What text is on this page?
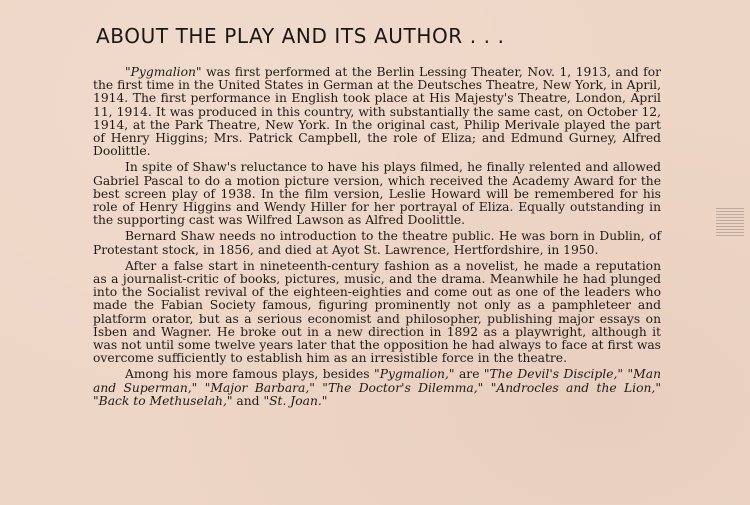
ABOUT THE PLAY AND ITS AUTHOR . . .

"Pygmalion" was first performed at the Berlin Lessing Theater, Nov. 1, 1913, and for the first time in the United States in German at the Deutsches Theatre, New York, in April, 1914. The first performance in English took place at His Majesty's Theatre, London, April 11, 1914. It was produced in this country, with substantially the same cast, on October 12, 1914, at the Park Theatre, New York. In the original cast, Philip Merivale played the part of Henry Higgins; Mrs. Patrick Campbell, the role of Eliza; and Edmund Gurney, Alfred Doolittle.

In spite of Shaw's reluctance to have his plays filmed, he finally relented and allowed Gabriel Pascal to do a motion picture version, which received the Academy Award for the best screen play of 1938. In the film version, Leslie Howard will be remembered for his role of Henry Higgins and Wendy Hiller for her portrayal of Eliza. Equally outstanding in the supporting cast was Wilfred Lawson as Alfred Doolittle.

Bernard Shaw needs no introduction to the theatre public. He was born in Dublin, of Protestant stock, in 1856, and died at Ayot St. Lawrence, Hertfordshire, in 1950.

After a false start in nineteenth-century fashion as a novelist, he made a reputation as a journalist-critic of books, pictures, music, and the drama. Meanwhile he had plunged into the Socialist revival of the eighteen-eighties and come out as one of the leaders who made the Fabian Society famous, figuring prominently not only as a pamphleteer and platform orator, but as a serious economist and philosopher, publishing major essays on Isben and Wagner. He broke out in a new direction in 1892 as a playwright, although it was not until some twelve years later that the opposition he had always to face at first was overcome sufficiently to establish him as an irresistible force in the theatre.

Among his more famous plays, besides "Pygmalion," are "The Devil's Disciple," "Man and Superman," "Major Barbara," "The Doctor's Dilemma," "Androcles and the Lion," "Back to Methuselah," and "St. Joan."
